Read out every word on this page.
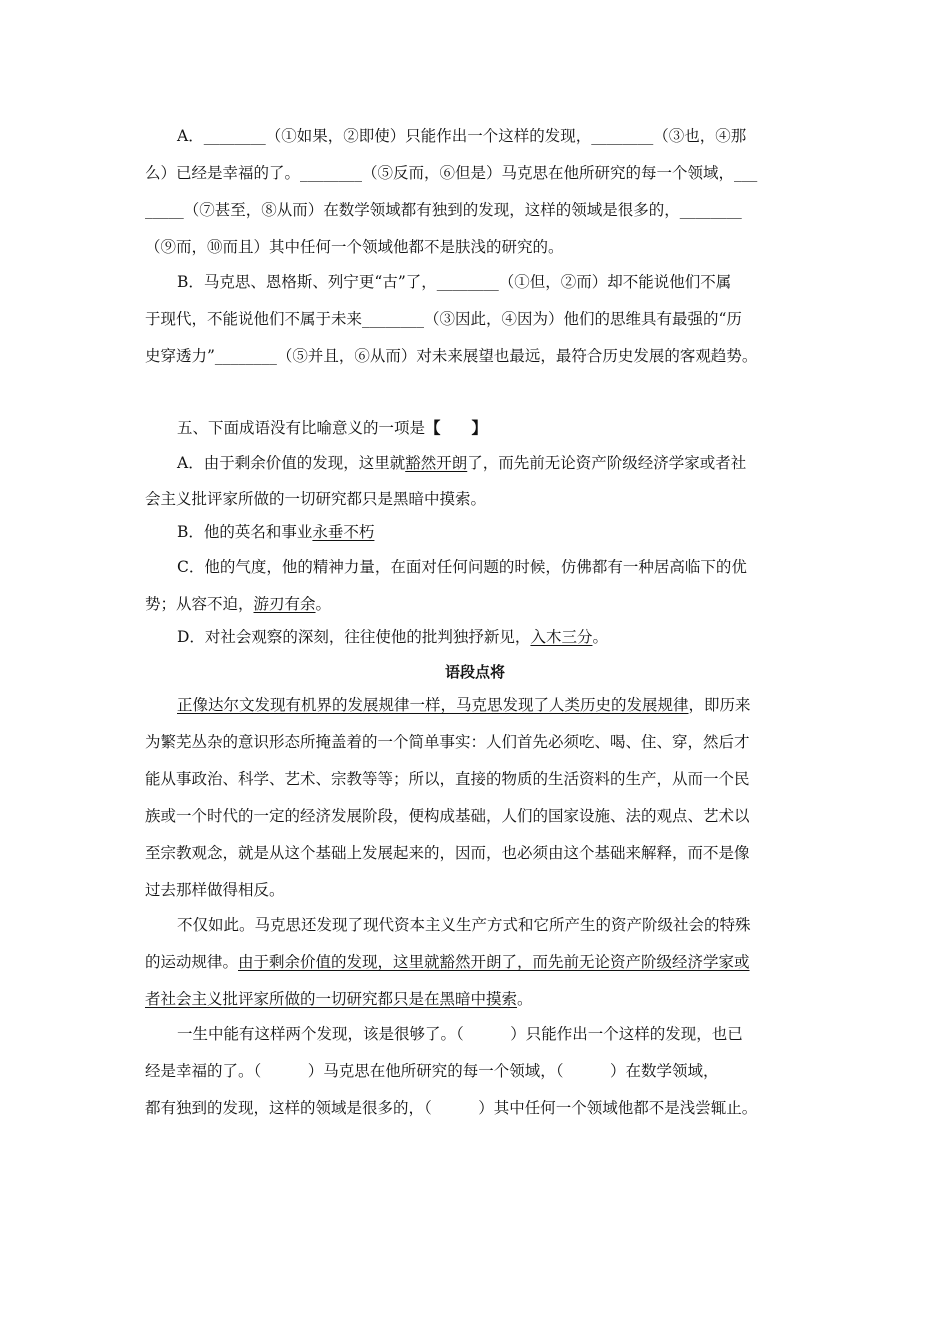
A．________（①如果，②即使）只能作出一个这样的发现，________（③也，④那
么）已经是幸福的了。________（⑤反而，⑥但是）马克思在他所研究的每一个领域，___
_____（⑦甚至，⑧从而）在数学领域都有独到的发现，这样的领域是很多的，________
（⑨而，⑩而且）其中任何一个领域他都不是肤浅的研究的。
B．马克思、恩格斯、列宁更“古”了，________（①但，②而）却不能说他们不属
于现代，不能说他们不属于未来________（③因此，④因为）他们的思维具有最强的“历
史穿透力”________（⑤并且，⑥从而）对未来展望也最远，最符合历史发展的客观趋势。
五、下面成语没有比喻意义的一项是【　　】
A．由于剩余价值的发现，这里就豁然开朗了，而先前无论资产阶级经济学家或者社
会主义批评家所做的一切研究都只是黑暗中摸索。
B．他的英名和事业永垂不朽
C．他的气度，他的精神力量，在面对任何问题的时候，仿佛都有一种居高临下的优
势；从容不迫，游刃有余。
D．对社会观察的深刻，往往使他的批判独抒新见，入木三分。
语段点将
正像达尔文发现有机界的发展规律一样，马克思发现了人类历史的发展规律，即历来
为繁芜丛杂的意识形态所掩盖着的一个简单事实：人们首先必须吃、喝、住、穿，然后才
能从事政治、科学、艺术、宗教等等；所以，直接的物质的生活资料的生产，从而一个民
族或一个时代的一定的经济发展阶段，便构成基础，人们的国家设施、法的观点、艺术以
至宗教观念，就是从这个基础上发展起来的，因而，也必须由这个基础来解释，而不是像
过去那样做得相反。
不仅如此。马克思还发现了现代资本主义生产方式和它所产生的资产阶级社会的特殊
的运动规律。由于剩余价值的发现，这里就豁然开朗了，而先前无论资产阶级经济学家或
者社会主义批评家所做的一切研究都只是在黑暗中摸索。
一生中能有这样两个发现，该是很够了。（　　　）只能作出一个这样的发现，也已
经是幸福的了。（　　　）马克思在他所研究的每一个领域，（　　　）在数学领域，
都有独到的发现，这样的领域是很多的，（　　　）其中任何一个领域他都不是浅尝辄止。
